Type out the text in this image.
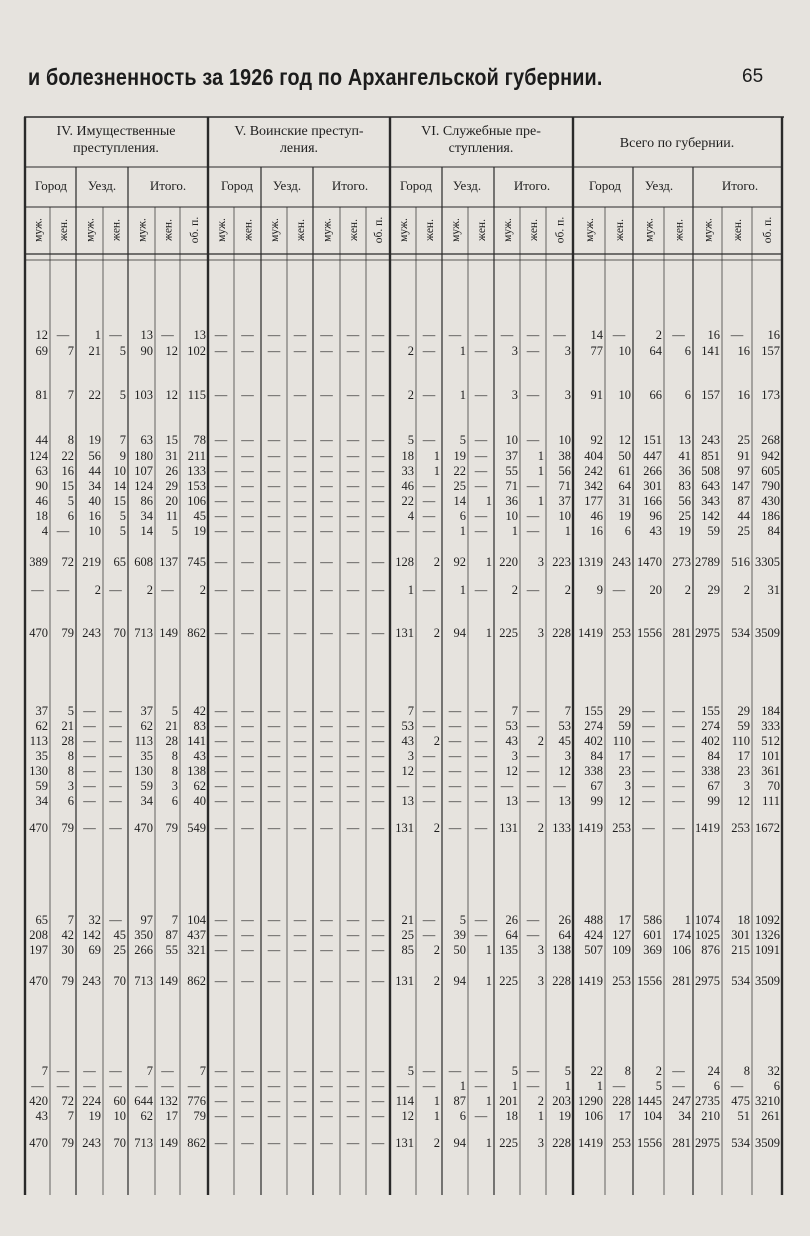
и болезненность за 1926 год по Архангельской губернии.	65
IV. Имущественные
преступления.
V. Воинские преступ-
ления.
VI. Служебные пре-
ступления.	Всего по губернии.
Город Уезд.	Итого.	Город Уезд. Итого. Город Уезд.	Итого.	Город Уезд.	Итого.
муж. жен. муж. жен. муж. жен. об. п. муж. жен. муж. жен. муж. жен. об. п. муж. жен. муж. жен. муж. жен. об. п. муж. жен. муж. жен. муж. жен. об. п.
12 — 1 — 13 — 13 — — — — — — — — — — — — — — 14 — 2 — 16 — 16
69 7 21 5 90 12 102 — — — — — — — 2 — 1 — 3 — 3 77 10 64 6 141 16 157
81 7 22 5 103 12 115 — — — — — — — 2 — 1 — 3 — 3 91 10 66 6 157 16 173
44 8 19 7 63 15 78 — — — — — — — 5 — 5 — 10 — 10 92 12 151 13 243 25 268
124 22 56 9 180 31 211 — — — — — — — 18 1 19 — 37 1 38 404 50 447 41 851 91 942
63 16 44 10 107 26 133 — — — — — — — 33 1 22 — 55 1 56 242 61 266 36 508 97 605
90 15 34 14 124 29 153 — — — — — — — 46 — 25 — 71 — 71 342 64 301 83 643 147 790
46 5 40 15 86 20 106 — — — — — — — 22 — 14 1 36 1 37 177 31 166 56 343 87 430
18 6 16 5 34 11 45 — — — — — — — 4 — 6 — 10 — 10 46 19 96 25 142 44 186
4 — 10 5 14 5 19 — — — — — — — — — 1 — 1 — 1 16 6 43 19 59 25 84
389 72 219 65 608 137 745 — — — — — — — 128 2 92 1 220 3 223 1319 243 1470 273 2789 516 3305
— — 2 — 2 — 2 — — — — — — — 1 — 1 — 2 — 2 9 — 20 2 29 2 31
470 79 243 70 713 149 862 — — — — — — — 131 2 94 1 225 3 228 1419 253 1556 281 2975 534 3509
37 5 — — 37 5 42 — — — — — — — 7 — — — 7 — 7 155 29 — — 155 29 184
62 21 — — 62 21 83 — — — — — — — 53 — — — 53 — 53 274 59 — — 274 59 333
113 28 — — 113 28 141 — — — — — — — 43 2 — — 43 2 45 402 110 — — 402 110 512
35 8 — — 35 8 43 — — — — — — — 3 — — — 3 — 3 84 17 — — 84 17 101
130 8 — — 130 8 138 — — — — — — — 12 — — — 12 — 12 338 23 — — 338 23 361
59 3 — — 59 3 62 — — — — — — — — — — — — — — 67 3 — — 67 3 70
34 6 — — 34 6 40 — — — — — — — 13 — — — 13 — 13 99 12 — — 99 12 111
470 79 — — 470 79 549 — — — — — — — 131 2 — — 131 2 133 1419 253 — — 1419 253 1672
65 7 32 — 97 7 104 — — — — — — — 21 — 5 — 26 — 26 488 17 586 1 1074 18 1092
208 42 142 45 350 87 437 — — — — — — — 25 — 39 — 64 — 64 424 127 601 174 1025 301 1326
197 30 69 25 266 55 321 — — — — — — — 85 2 50 1 135 3 138 507 109 369 106 876 215 1091
470 79 243 70 713 149 862 — — — — — — — 131 2 94 1 225 3 228 1419 253 1556 281 2975 534 3509
7 — — — 7 — 7 — — — — — — — 5 — — — 5 — 5 22 8 2 — 24 8 32
— — — — — — — — — — — — — — — — 1 — 1 — 1 1 — 5 — 6 — 6
420 72 224 60 644 132 776 — — — — — — — 114 1 87 1 201 2 203 1290 228 1445 247 2735 475 3210
43 7 19 10 62 17 79 — — — — — — — 12 1 6 — 18 1 19 106 17 104 34 210 51 261
470 79 243 70 713 149 862 — — — — — — — 131 2 94 1 225 3 228 1419 253 1556 281 2975 534 3509
